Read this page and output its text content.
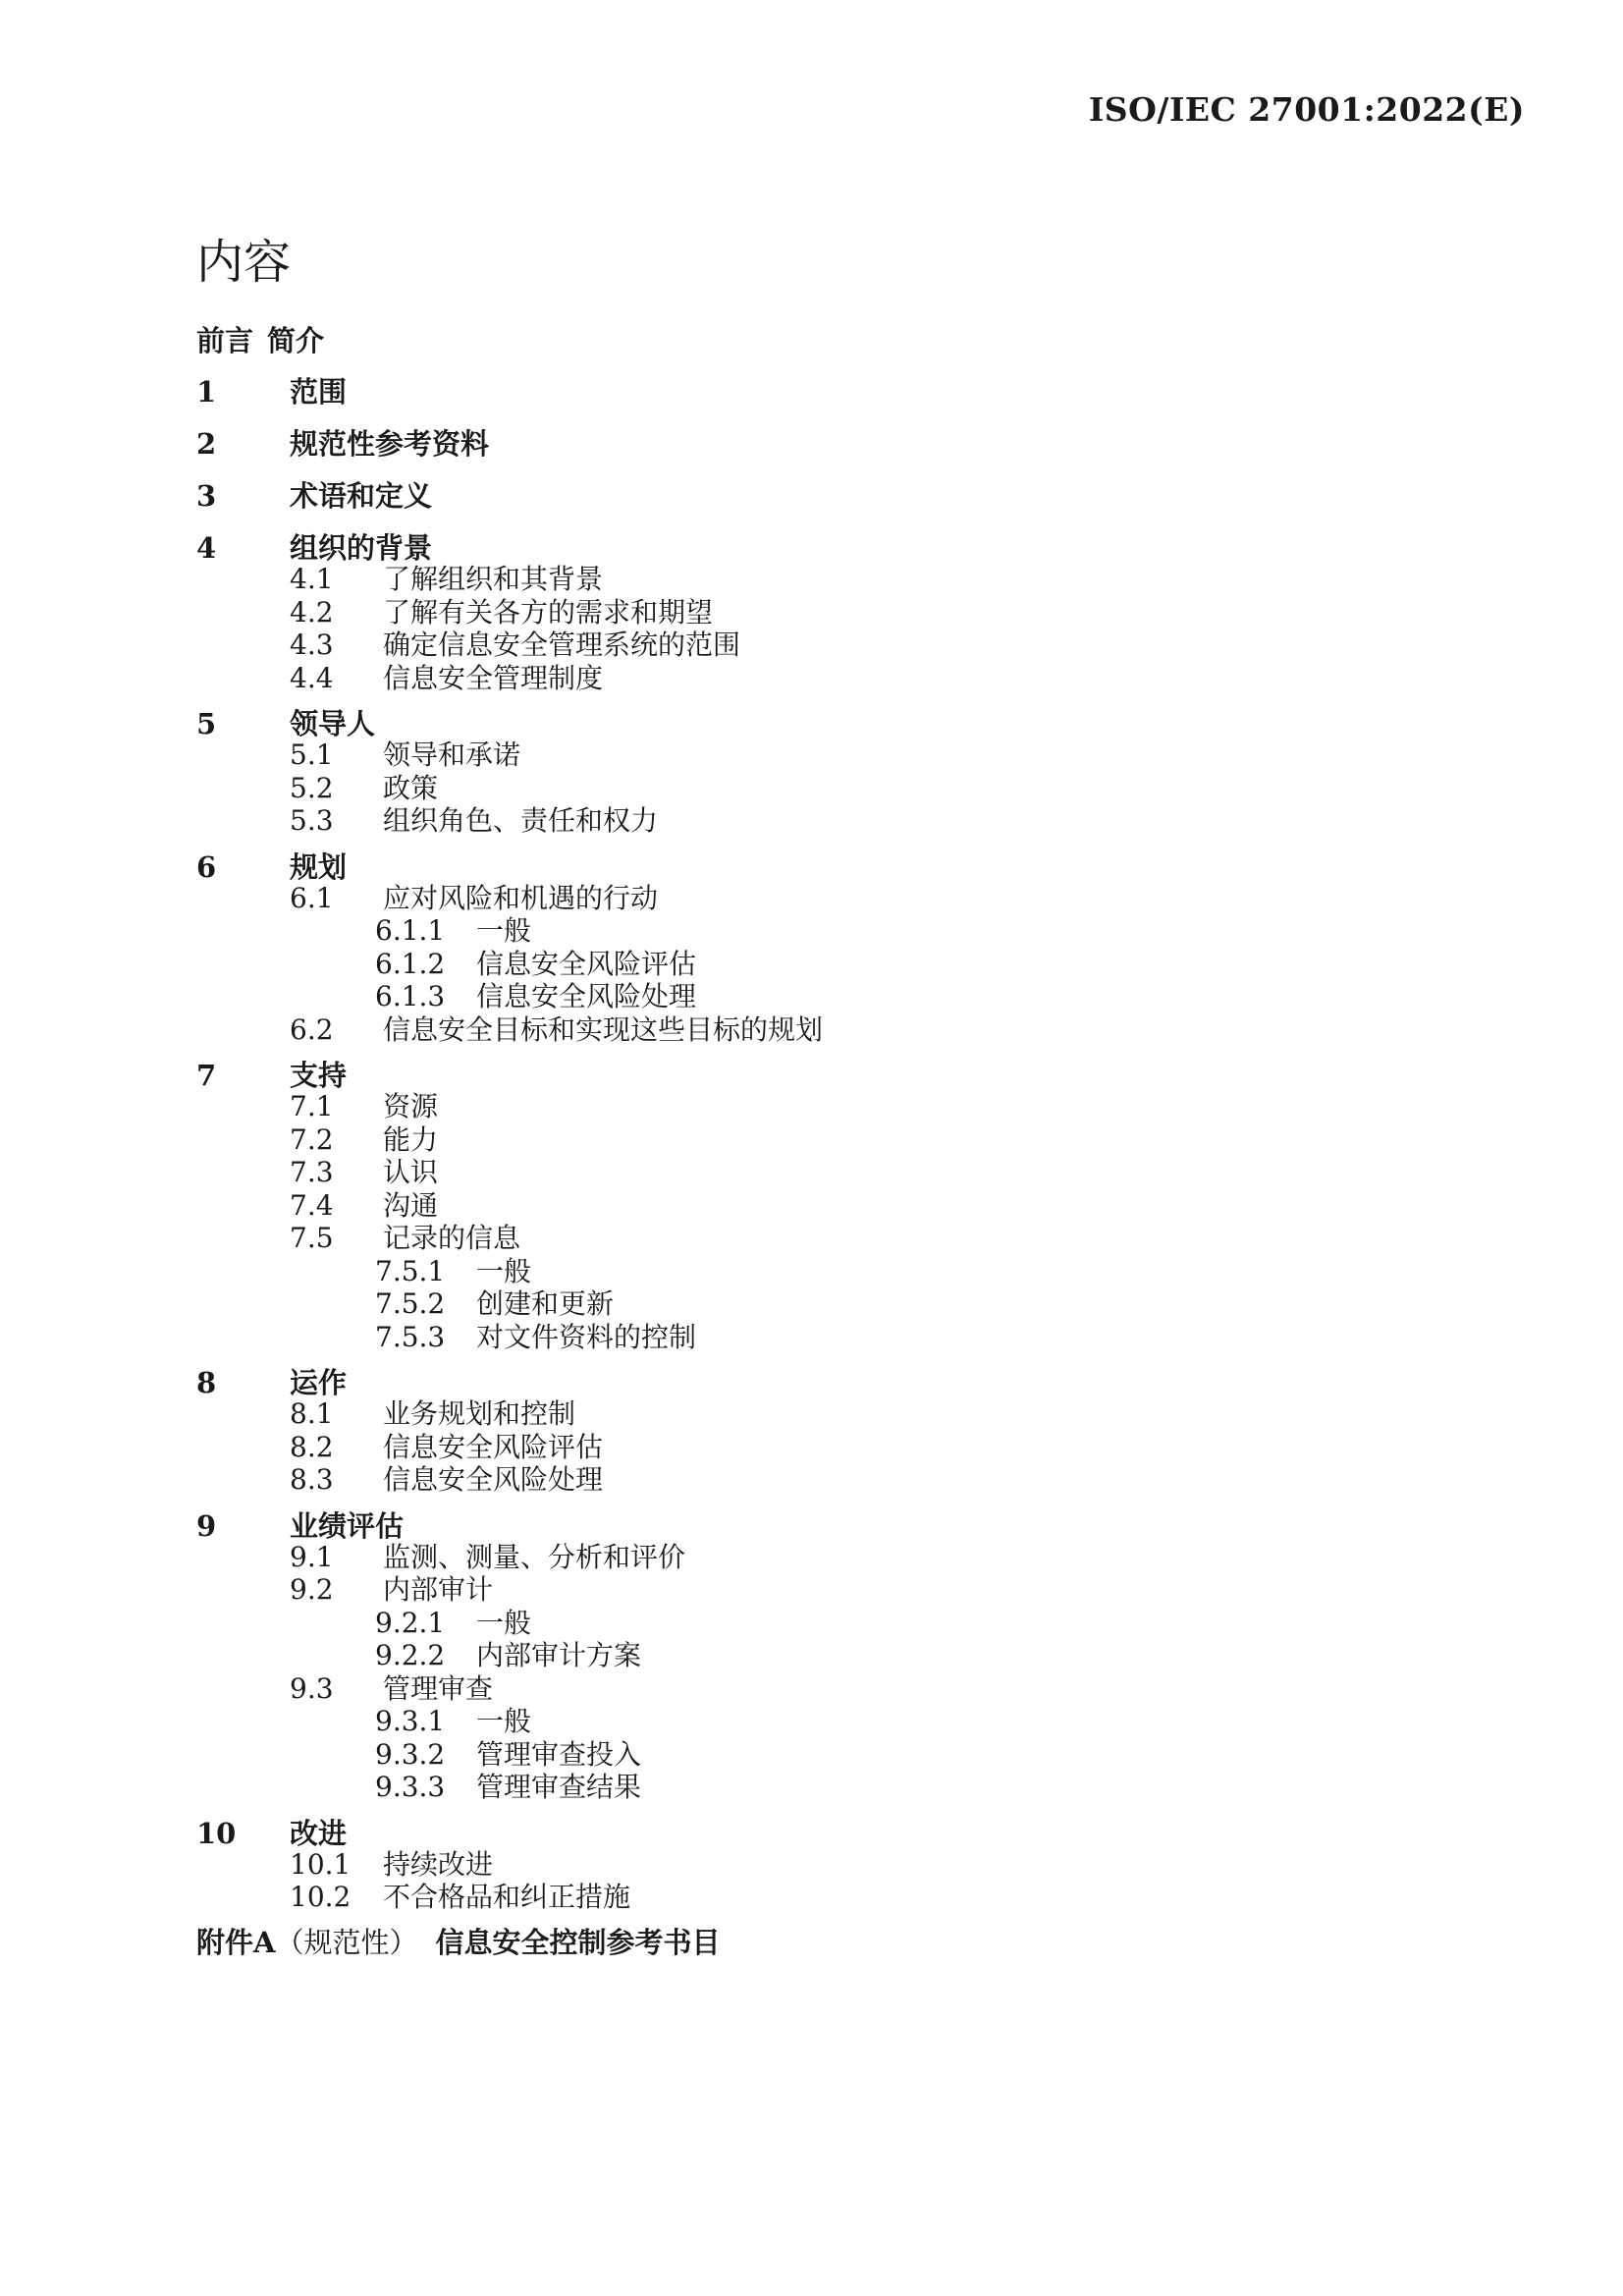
ISO/IEC 27001:2022(E)
内容
前言 简介
1	范围
2	规范性参考资料
3	术语和定义
4	组织的背景
4.1 了解组织和其背景
4.2 了解有关各方的需求和期望
4.3 确定信息安全管理系统的范围
4.4 信息安全管理制度
5	领导人
5.1 领导和承诺
5.2 政策
5.3 组织角色、责任和权力
6	规划
6.1 应对风险和机遇的行动
6.1.1 一般
6.1.2 信息安全风险评估
6.1.3 信息安全风险处理
6.2 信息安全目标和实现这些目标的规划
7	支持
7.1 资源
7.2 能力
7.3 认识
7.4 沟通
7.5 记录的信息
7.5.1 一般
7.5.2 创建和更新
7.5.3 对文件资料的控制
8	运作
8.1 业务规划和控制
8.2 信息安全风险评估
8.3 信息安全风险处理
9	业绩评估
9.1 监测、测量、分析和评价
9.2 内部审计
9.2.1 一般
9.2.2 内部审计方案
9.3 管理审查
9.3.1 一般
9.3.2 管理审查投入
9.3.3 管理审查结果
10 改进
10.1 持续改进
10.2 不合格品和纠正措施
附件A（规范性） 信息安全控制参考书目
